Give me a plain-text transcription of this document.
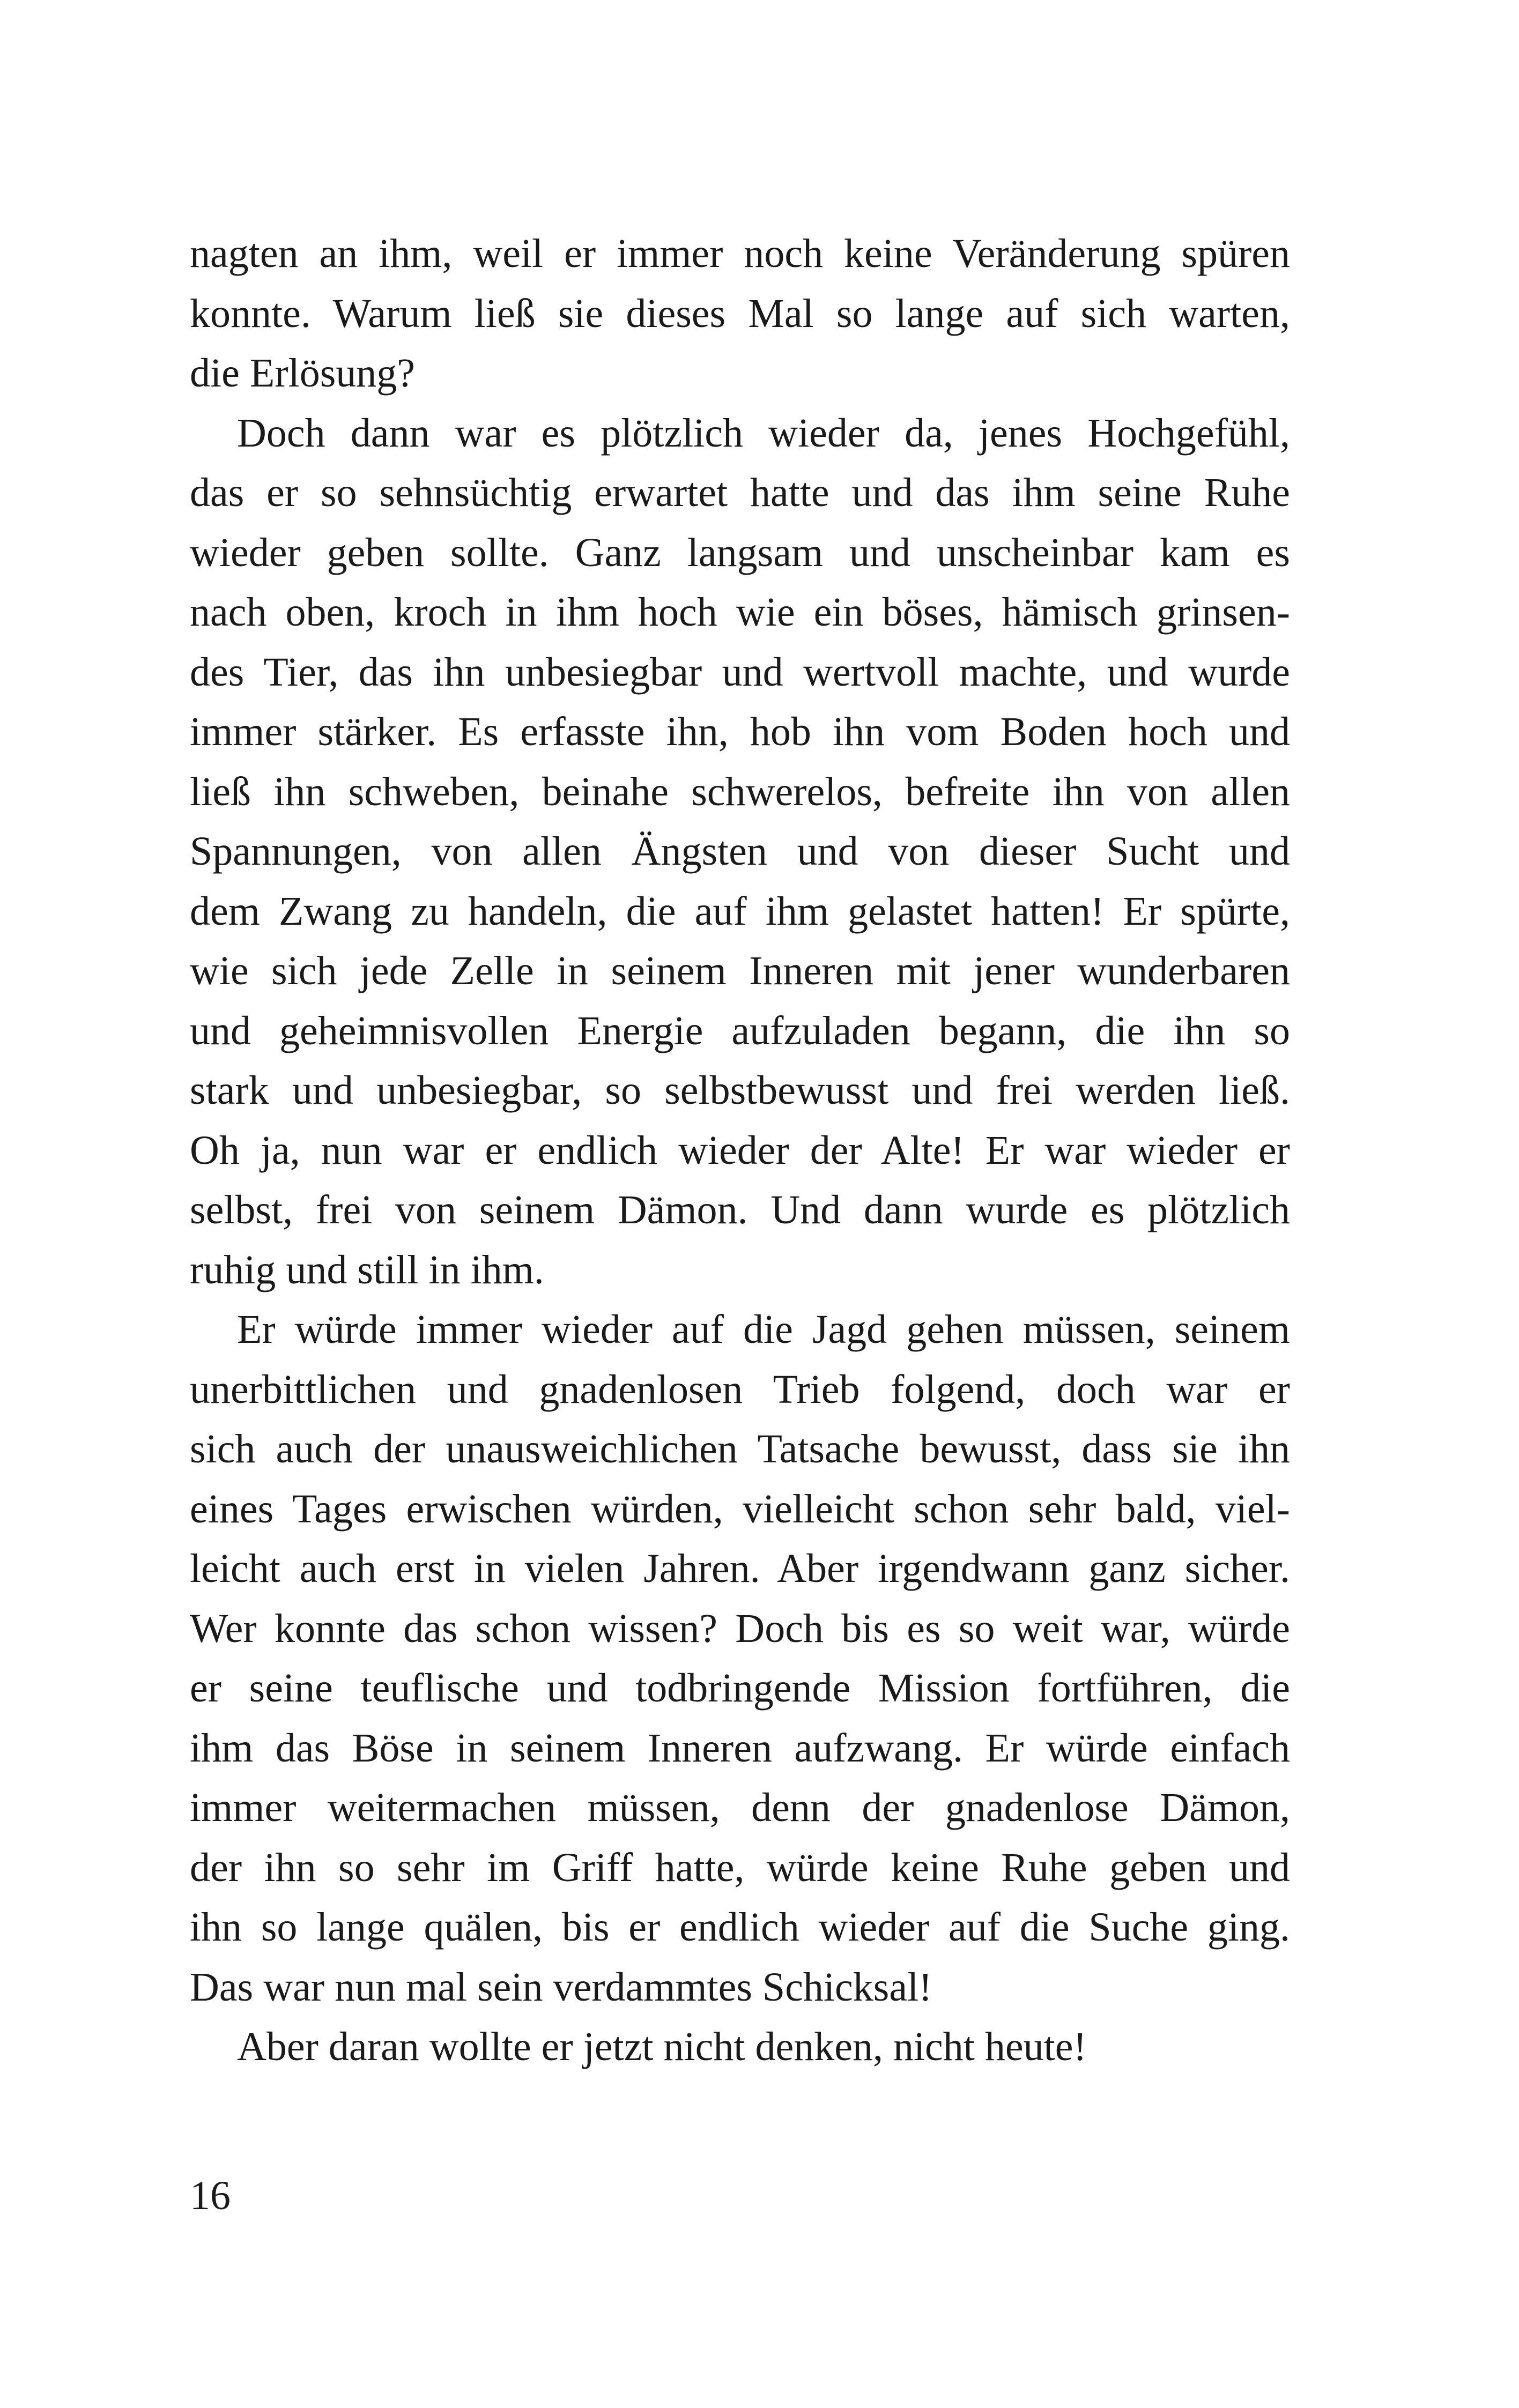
nagten an ihm, weil er immer noch keine Veränderung spüren
konnte. Warum ließ sie dieses Mal so lange auf sich warten,
die Erlösung?
Doch dann war es plötzlich wieder da, jenes Hochgefühl,
das er so sehnsüchtig erwartet hatte und das ihm seine Ruhe
wieder geben sollte. Ganz langsam und unscheinbar kam es
nach oben, kroch in ihm hoch wie ein böses, hämisch grinsen-
des Tier, das ihn unbesiegbar und wertvoll machte, und wurde
immer stärker. Es erfasste ihn, hob ihn vom Boden hoch und
ließ ihn schweben, beinahe schwerelos, befreite ihn von allen
Spannungen, von allen Ängsten und von dieser Sucht und
dem Zwang zu handeln, die auf ihm gelastet hatten! Er spürte,
wie sich jede Zelle in seinem Inneren mit jener wunderbaren
und geheimnisvollen Energie aufzuladen begann, die ihn so
stark und unbesiegbar, so selbstbewusst und frei werden ließ.
Oh ja, nun war er endlich wieder der Alte! Er war wieder er
selbst, frei von seinem Dämon. Und dann wurde es plötzlich
ruhig und still in ihm.
Er würde immer wieder auf die Jagd gehen müssen, seinem
unerbittlichen und gnadenlosen Trieb folgend, doch war er
sich auch der unausweichlichen Tatsache bewusst, dass sie ihn
eines Tages erwischen würden, vielleicht schon sehr bald, viel-
leicht auch erst in vielen Jahren. Aber irgendwann ganz sicher.
Wer konnte das schon wissen? Doch bis es so weit war, würde
er seine teuflische und todbringende Mission fortführen, die
ihm das Böse in seinem Inneren aufzwang. Er würde einfach
immer weitermachen müssen, denn der gnadenlose Dämon,
der ihn so sehr im Griff hatte, würde keine Ruhe geben und
ihn so lange quälen, bis er endlich wieder auf die Suche ging.
Das war nun mal sein verdammtes Schicksal!
Aber daran wollte er jetzt nicht denken, nicht heute!
16
